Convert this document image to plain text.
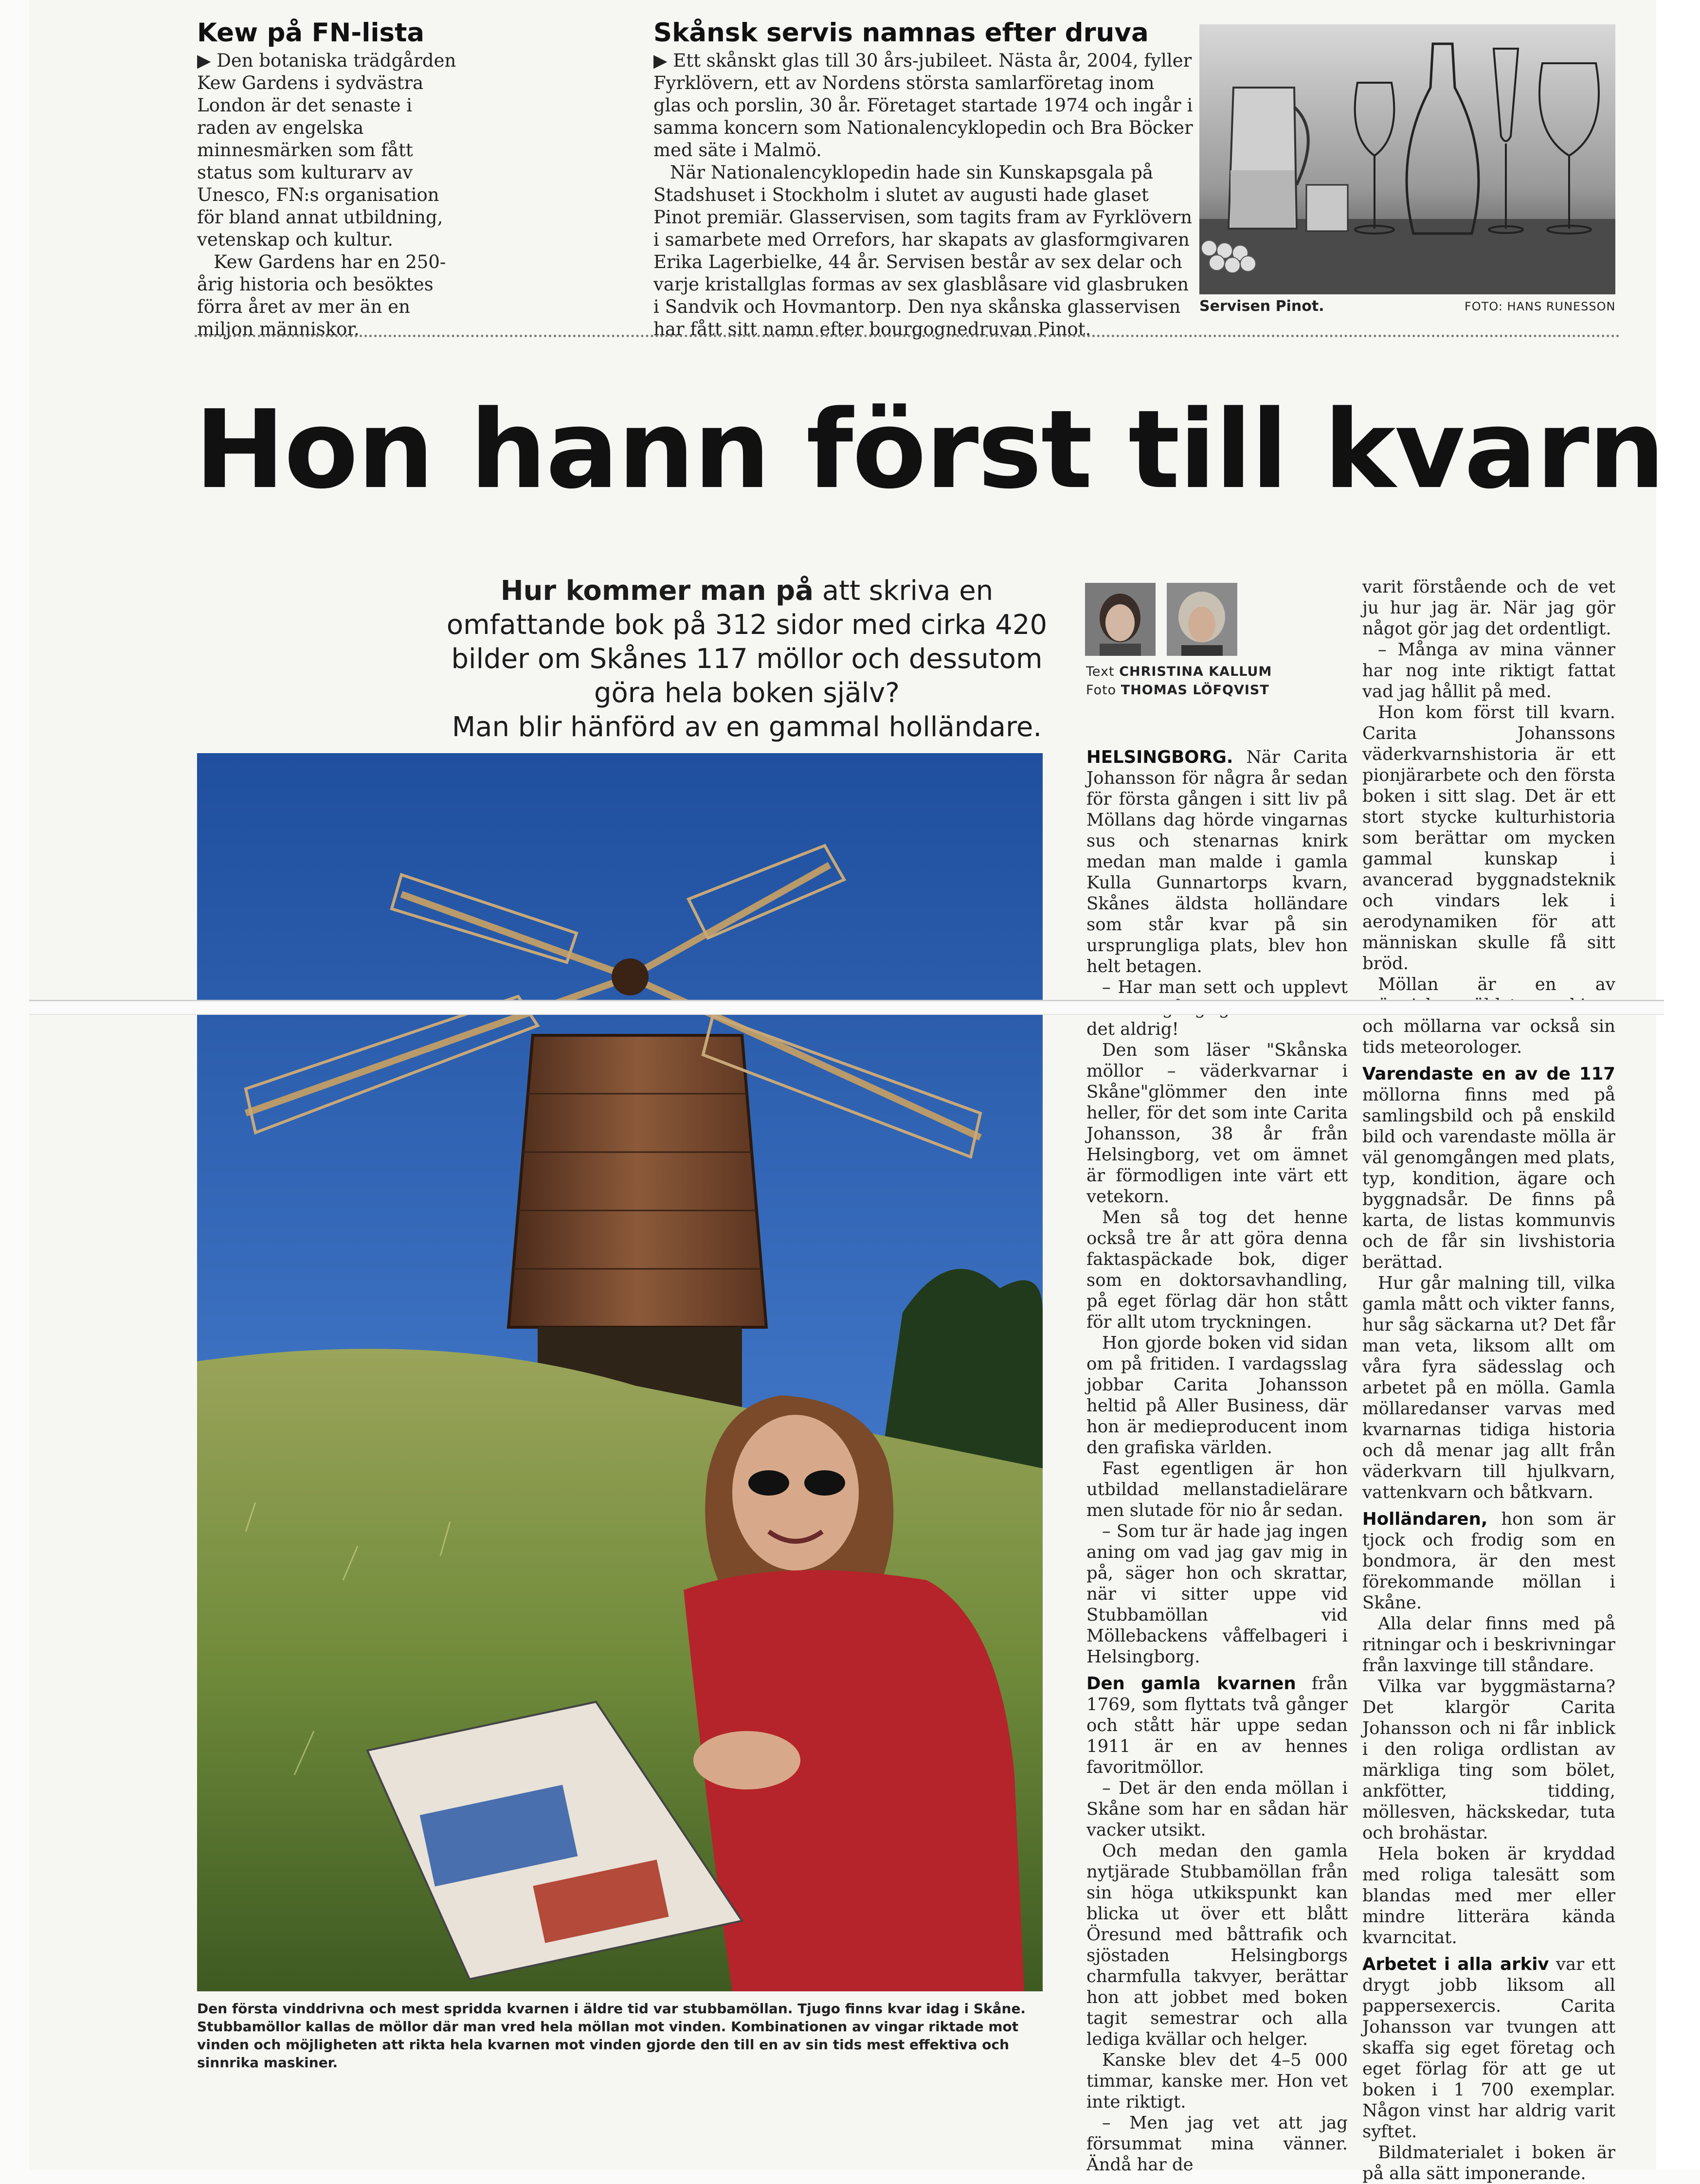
Kew på FN-lista

▶ Den botaniska trädgården Kew Gardens i sydvästra London är det senaste i raden av engelska minnesmärken som fått status som kulturarv av Unesco, FN:s organisation för bland annat utbildning, vetenskap och kultur.

Kew Gardens har en 250-årig historia och besöktes förra året av mer än en miljon människor.

Skånsk servis namnas efter druva

▶ Ett skånskt glas till 30 års-jubileet. Nästa år, 2004, fyller Fyrklövern, ett av Nordens största samlarföretag inom glas och porslin, 30 år. Företaget startade 1974 och ingår i samma koncern som Nationalencyklopedin och Bra Böcker med säte i Malmö.

När Nationalencyklopedin hade sin Kunskapsgala på Stadshuset i Stockholm i slutet av augusti hade glaset Pinot premiär. Glasservisen, som tagits fram av Fyrklövern i samarbete med Orrefors, har skapats av glasformgivaren Erika Lagerbielke, 44 år. Servisen består av sex delar och varje kristallglas formas av sex glasblåsare vid glasbruken i Sandvik och Hovmantorp. Den nya skånska glasservisen har fått sitt namn efter bourgognedruvan Pinot.

Servisen Pinot.	FOTO: HANS RUNESSON
Hon hann först till kvarn
Hur kommer man på att skriva en omfattande bok på 312 sidor med cirka 420 bilder om Skånes 117 möllor och dessutom göra hela boken själv?
Man blir hänförd av en gammal holländare.
Text CHRISTINA KALLUM
Foto THOMAS LÖFQVIST
Den första vinddrivna och mest spridda kvarnen i äldre tid var stubbamöllan. Tjugo finns kvar idag i Skåne. Stubbamöllor kallas de möllor där man vred hela möllan mot vinden. Kombinationen av vingar riktade mot vinden och möjligheten att rikta hela kvarnen mot vinden gjorde den till en av sin tids mest effektiva och sinnrika maskiner.

HELSINGBORG. När Carita Johansson för några år sedan för första gången i sitt liv på Möllans dag hörde vingarnas sus och stenarnas knirk medan man malde i gamla Kulla Gunnartorps kvarn, Skånes äldsta holländare som står kvar på sin ursprungliga plats, blev hon helt betagen.

– Har man sett och upplevt det aldrig!

Den som läser "Skånska möllor – väderkvarnar i Skåne"glömmer den inte heller, för det som inte Carita Johansson, 38 år från Helsingborg, vet om ämnet är förmodligen inte värt ett vetekorn.

Men så tog det henne också tre år att göra denna faktaspäckade bok, diger som en doktorsavhandling, på eget förlag där hon stått för allt utom tryckningen.

Hon gjorde boken vid sidan om på fritiden. I vardagsslag jobbar Carita Johansson heltid på Aller Business, där hon är medieproducent inom den grafiska världen.

Fast egentligen är hon utbildad mellanstadielärare men slutade för nio år sedan.

– Som tur är hade jag ingen aning om vad jag gav mig in på, säger hon och skrattar, när vi sitter uppe vid Stubbamöllan vid Möllebackens våffelbageri i Helsingborg.

Den gamla kvarnen från 1769, som flyttats två gånger och stått här uppe sedan 1911 är en av hennes favoritmöllor.

– Det är den enda möllan i Skåne som har en sådan här vacker utsikt.

Och medan den gamla nytjärade Stubbamöllan från sin höga utkikspunkt kan blicka ut över ett blått Öresund med båttrafik och sjöstaden Helsingborgs charmfulla takvyer, berättar hon att jobbet med boken tagit semestrar och alla lediga kvällar och helger.

Kanske blev det 4–5 000 timmar, kanske mer. Hon vet inte riktigt.

– Men jag vet att jag försummat mina vänner. Ändå har de

varit förstående och de vet ju hur jag är. När jag gör något gör jag det ordentligt.

– Många av mina vänner har nog inte riktigt fattat vad jag hållit på med.

Hon kom först till kvarn. Carita Johanssons väderkvarnshistoria är ett pionjärarbete och den första boken i sitt slag. Det är ett stort stycke kulturhistoria som berättar om mycken gammal kunskap i avancerad byggnadsteknik och vindars lek i aerodynamiken för att människan skulle få sitt bröd.

Möllan är en av och möllarna var också sin tids meteorologer.

Varendaste en av de 117 möllorna finns med på samlingsbild och på enskild bild och varendaste mölla är väl genomgången med plats, typ, kondition, ägare och byggnadsår. De finns på karta, de listas kommunvis och de får sin livshistoria berättad.

Hur går malning till, vilka gamla mått och vikter fanns, hur såg säckarna ut? Det får man veta, liksom allt om våra fyra sädesslag och arbetet på en mölla. Gamla möllaredanser varvas med kvarnarnas tidiga historia och då menar jag allt från väderkvarn till hjulkvarn, vattenkvarn och båtkvarn.

Holländaren, hon som är tjock och frodig som en bondmora, är den mest förekommande möllan i Skåne.

Alla delar finns med på ritningar och i beskrivningar från laxvinge till ståndare.

Vilka var byggmästarna? Det klargör Carita Johansson och ni får inblick i den roliga ordlistan av märkliga ting som bölet, ankfötter, tidding, möllesven, häckskedar, tuta och brohästar.

Hela boken är kryddad med roliga talesätt som blandas med mer eller mindre litterära kända kvarncitat.

Arbetet i alla arkiv var ett drygt jobb liksom all pappersexercis. Carita Johansson var tvungen att skaffa sig eget företag och eget förlag för att ge ut boken i 1 700 exemplar. Någon vinst har aldrig varit syftet.

Bildmaterialet i boken är på alla sätt imponerande.
